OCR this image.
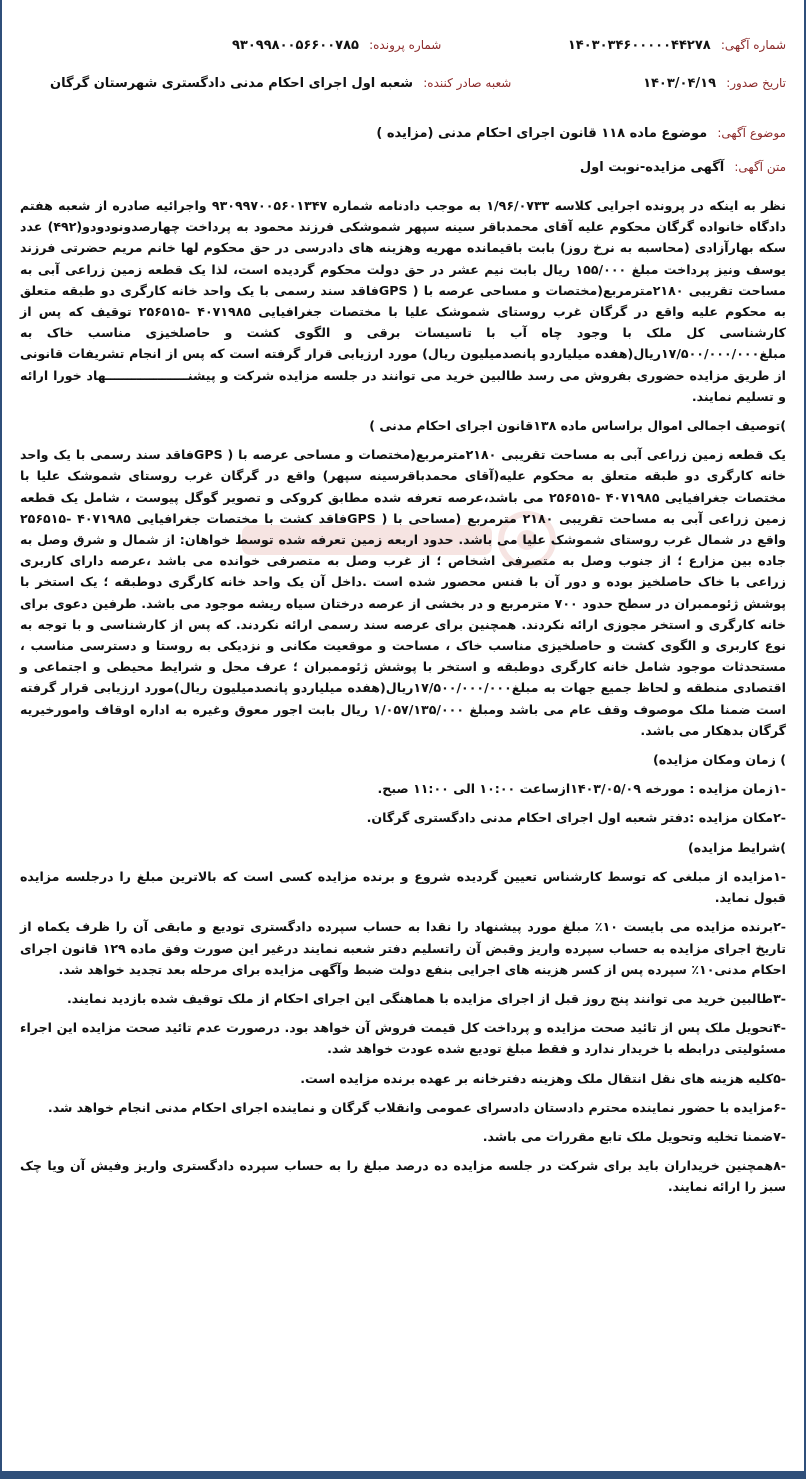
شماره آگهی: ۱۴۰۳۰۳۴۶۰۰۰۰۰۴۴۲۷۸
شماره پرونده: ۹۳۰۹۹۸۰۰۵۶۶۰۰۷۸۵
تاریخ صدور: ۱۴۰۳/۰۴/۱۹
شعبه صادر کننده: شعبه اول اجرای احکام مدنی دادگستری شهرستان گرگان
موضوع آگهی: موضوع ماده ۱۱۸ قانون اجرای احکام مدنی (مزایده )
متن آگهی: آگهی مزایده-نوبت اول

نظر به اینکه در پرونده اجرایی کلاسه ۱/۹۶/۰۷۳۳ به موجب دادنامه شماره ۹۳۰۹۹۷۰۰۵۶۰۱۳۴۷ واجرائیه صادره از شعبه هفتم دادگاه خانواده گرگان محکوم علیه آقای محمدباقر سینه سپهر شموشکی فرزند محمود به پرداخت چهارصدونودودو(۴۹۲) عدد سکه بهارآزادی (محاسبه به نرخ روز) بابت باقیمانده مهریه وهزینه های دادرسی در حق محکوم لها خانم مریم حضرتی فرزند یوسف ونیز پرداخت مبلغ ۱۵۵/۰۰۰ ریال بابت نیم عشر در حق دولت محکوم گردیده است، لذا یک قطعه زمین زراعی آبی به مساحت تقریبی ۲۱۸۰مترمربع(مختصات و مساحی عرصه با ( GPSفاقد سند رسمی با یک واحد خانه کارگری دو طبقه متعلق به محکوم علیه واقع در گرگان غرب روستای شموشک علیا با مختصات جغرافیایی ۴۰۷۱۹۸۵ -۲۵۶۵۱۵ توقیف که پس از کارشناسی کل ملک با وجود چاه آب با تاسیسات برقی و الگوی کشت و حاصلخیزی مناسب خاک به مبلغ۱۷/۵۰۰/۰۰۰/۰۰۰ریال(هفده میلیاردو پانصدمیلیون ریال) مورد ارزیابی قرار گرفته است که پس از انجام تشریفات قانونی از طریق مزایده حضوری بفروش می رسد طالبین خرید می توانند در جلسه مزایده شرکت و پیشنـــــــــــــــــــهاد خورا ارائه و تسلیم نمایند.

)توصیف اجمالی اموال براساس ماده ۱۳۸قانون اجرای احکام مدنی )

یک قطعه زمین زراعی آبی به مساحت تقریبی ۲۱۸۰مترمربع(مختصات و مساحی عرصه با ( GPSفاقد سند رسمی با یک واحد خانه کارگری دو طبقه متعلق به محکوم علیه(آقای محمدباقرسینه سپهر) واقع در گرگان غرب روستای شموشک علیا با مختصات جغرافیایی ۴۰۷۱۹۸۵ -۲۵۶۵۱۵ می باشد،عرصه تعرفه شده مطابق کروکی و تصویر گوگل پیوست ، شامل یک قطعه زمین زراعی آبی به مساحت تقریبی ۲۱۸۰ مترمربع (مساحی با ( GPSفاقد کشت با مختصات جغرافیایی ۴۰۷۱۹۸۵ -۲۵۶۵۱۵ واقع در شمال غرب روستای شموشک علیا می باشد. حدود اربعه زمین تعرفه شده توسط خواهان: از شمال و شرق وصل به جاده بین مزارع ؛ از جنوب وصل به متصرفی اشخاص ؛ از غرب وصل به متصرفی خوانده می باشد ،عرصه دارای کاربری زراعی با خاک حاصلخیز بوده و دور آن با فنس محصور شده است .داخل آن یک واحد خانه کارگری دوطبقه ؛ یک استخر با پوشش ژئوممبران در سطح حدود ۷۰۰ مترمربع و در بخشی از عرصه درختان سیاه ریشه موجود می باشد. طرفین دعوی برای خانه کارگری و استخر مجوزی ارائه نکردند. همچنین برای عرصه سند رسمی ارائه نکردند. که پس از کارشناسی و با توجه به نوع کاربری و الگوی کشت و حاصلخیزی مناسب خاک ، مساحت و موقعیت مکانی و نزدیکی به روستا و دسترسی مناسب ، مستحدثات موجود شامل خانه کارگری دوطبقه و استخر با پوشش ژئوممبران ؛ عرف محل و شرایط محیطی و اجتماعی و اقتصادی منطقه و لحاظ جمیع جهات به مبلغ۱۷/۵۰۰/۰۰۰/۰۰۰ریال(هفده میلیاردو پانصدمیلیون ریال)مورد ارزیابی قرار گرفته است ضمنا ملک موصوف وقف عام می باشد ومبلغ ۱/۰۵۷/۱۳۵/۰۰۰ ریال بابت اجور معوق وغیره به اداره اوقاف وامورخیریه گرگان بدهکار می باشد.

) زمان ومکان مزایده)

-۱زمان مزایده : مورخه ۱۴۰۳/۰۵/۰۹ازساعت ۱۰:۰۰ الی ۱۱:۰۰ صبح.

-۲مکان مزایده :دفتر شعبه اول اجرای احکام مدنی دادگستری گرگان.

)شرایط مزایده)

-۱مزایده از مبلغی که توسط کارشناس تعیین گردیده شروع و برنده مزایده کسی است که بالاترین مبلغ را درجلسه مزایده قبول نماید.

-۲برنده مزایده می بایست ۱۰٪ مبلغ مورد پیشنهاد را نقدا به حساب سپرده دادگستری تودیع و مابقی آن را ظرف یکماه از تاریخ اجرای مزایده به حساب سپرده واریز وقبض آن راتسلیم دفتر شعبه نمایند درغیر این صورت وفق ماده ۱۲۹ قانون اجرای احکام مدنی۱۰٪ سپرده پس از کسر هزینه های اجرایی بنفع دولت ضبط وآگهی مزایده برای مرحله بعد تجدید خواهد شد.

-۳طالبین خرید می توانند پنج روز قبل از اجرای مزایده با هماهنگی این اجرای احکام از ملک توقیف شده بازدید نمایند.

-۴تحویل ملک پس از تائید صحت مزایده و پرداخت کل قیمت فروش آن خواهد بود. درصورت عدم تائید صحت مزایده این اجراء مسئولیتی درابطه با خریدار ندارد و فقط مبلغ تودیع شده عودت خواهد شد.

-۵کلیه هزینه های نقل انتقال ملک وهزینه دفترخانه بر عهده برنده مزایده است.

-۶مزایده با حضور نماینده محترم دادستان دادسرای عمومی وانقلاب گرگان و نماینده اجرای احکام مدنی انجام خواهد شد.

-۷ضمنا تخلیه وتحویل ملک تابع مقررات می باشد.

-۸همچنین خریداران باید برای شرکت در جلسه مزایده ده درصد مبلغ را به حساب سپرده دادگستری واریز وفیش آن ویا چک سبز را ارائه نمایند.
